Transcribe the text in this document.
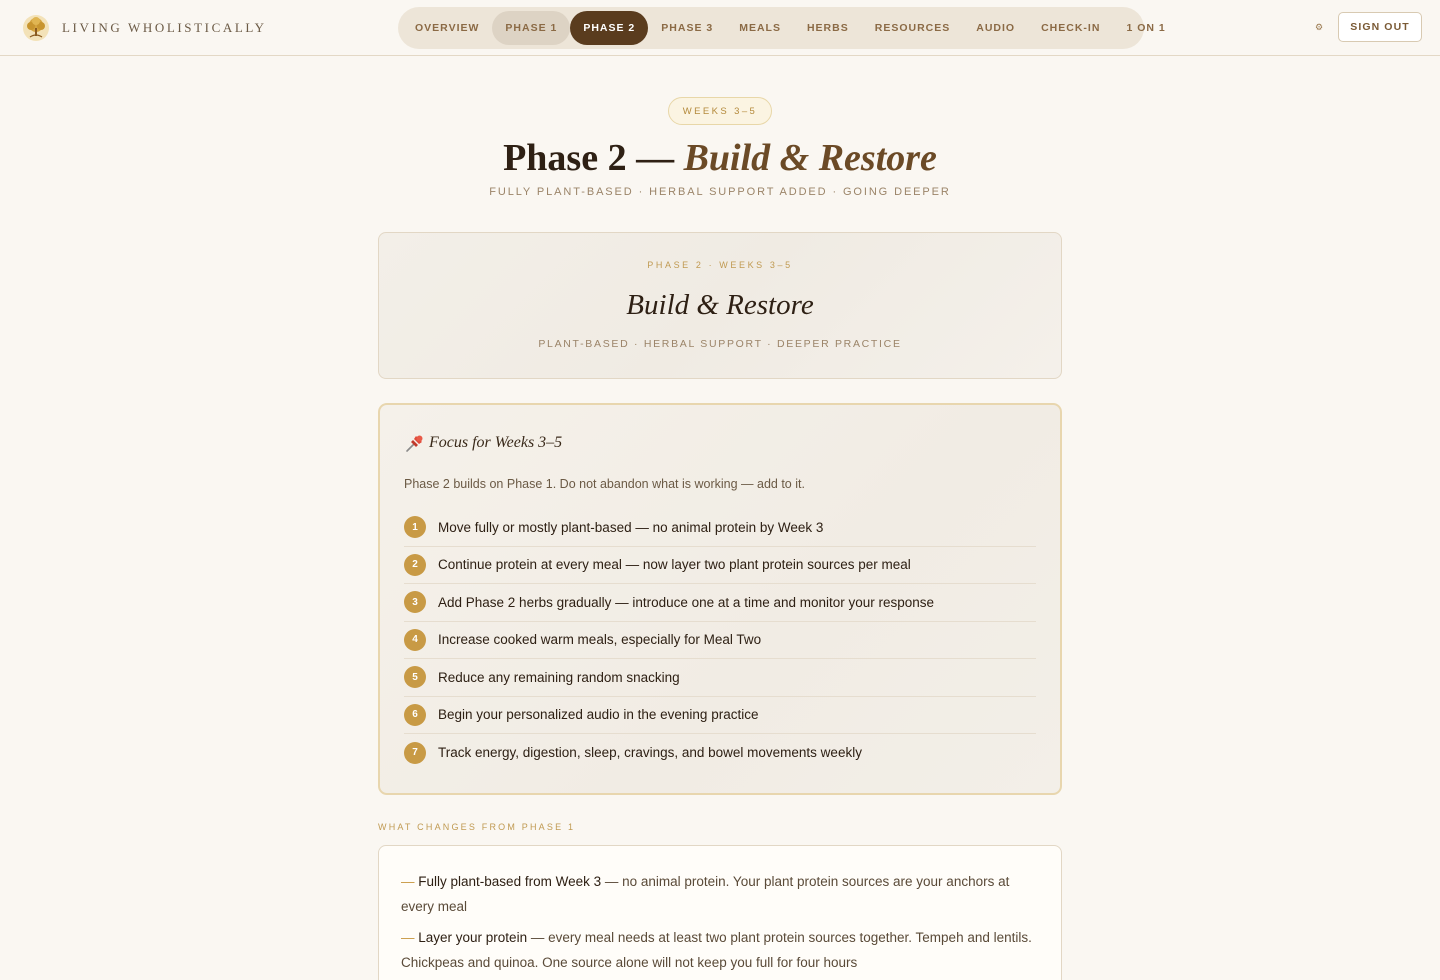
LIVING WHOLISTICALLY	OVERVIEW	PHASE 1	PHASE 2	PHASE 3	MEALS	HERBS	RESOURCES	AUDIO	CHECK-IN	1 ON 1	⚙	SIGN OUT
WEEKS 3–5
Phase 2 — Build & Restore
FULLY PLANT-BASED · HERBAL SUPPORT ADDED · GOING DEEPER
PHASE 2 · WEEKS 3–5
Build & Restore
PLANT-BASED · HERBAL SUPPORT · DEEPER PRACTICE
Focus for Weeks 3–5

Phase 2 builds on Phase 1. Do not abandon what is working — add to it.

1	Move fully or mostly plant-based — no animal protein by Week 3
2	Continue protein at every meal — now layer two plant protein sources per meal
3	Add Phase 2 herbs gradually — introduce one at a time and monitor your response
4	Increase cooked warm meals, especially for Meal Two
5	Reduce any remaining random snacking
6	Begin your personalized audio in the evening practice
7	Track energy, digestion, sleep, cravings, and bowel movements weekly
WHAT CHANGES FROM PHASE 1

— Fully plant-based from Week 3 — no animal protein. Your plant protein sources are your anchors at every meal

— Layer your protein — every meal needs at least two plant protein sources together. Tempeh and lentils. Chickpeas and quinoa. One source alone will not keep you full for four hours
